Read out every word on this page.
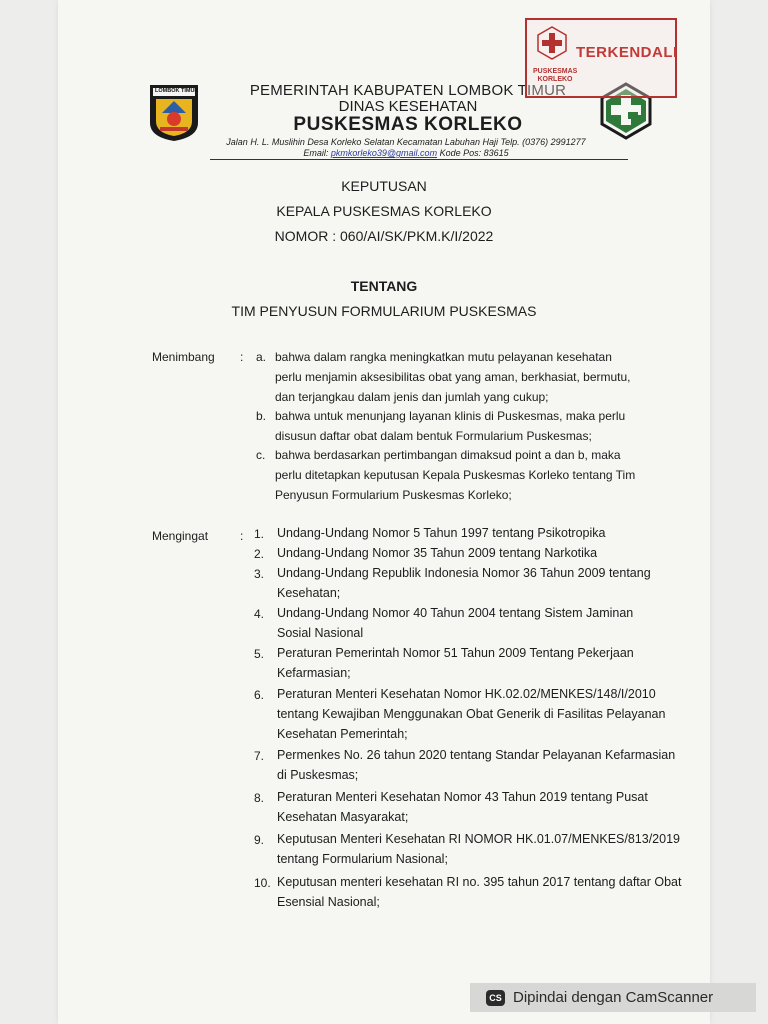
LOMBOK TIMUR	PEMERINTAH KABUPATEN LOMBOK TIMUR
DINAS KESEHATAN
PUSKESMAS KORLEKO
Jalan H. L. Muslihin Desa Korleko Selatan Kecamatan Labuhan Haji Telp. (0376) 2991277
Email: pkmkorleko39@gmail.com Kode Pos: 83615
PUSKESMAS
KORLEKO
TERKENDALI
KEPUTUSAN
KEPALA PUSKESMAS KORLEKO
NOMOR : 060/AI/SK/PKM.K/I/2022
TENTANG
TIM PENYUSUN FORMULARIUM PUSKESMAS
Menimbang : a. bahwa dalam rangka meningkatkan mutu pelayanan kesehatan
perlu menjamin aksesibilitas obat yang aman, berkhasiat, bermutu,
dan terjangkau dalam jenis dan jumlah yang cukup;
b. bahwa untuk menunjang layanan klinis di Puskesmas, maka perlu
disusun daftar obat dalam bentuk Formularium Puskesmas;
c. bahwa berdasarkan pertimbangan dimaksud point a dan b, maka
perlu ditetapkan keputusan Kepala Puskesmas Korleko tentang Tim
Penyusun Formularium Puskesmas Korleko;
Mengingat	: 1. Undang-Undang Nomor 5 Tahun 1997 tentang Psikotropika
2. Undang-Undang Nomor 35 Tahun 2009 tentang Narkotika
3. Undang-Undang Republik Indonesia Nomor 36 Tahun 2009 tentang
Kesehatan;
4. Undang-Undang Nomor 40 Tahun 2004 tentang Sistem Jaminan
Sosial Nasional
5. Peraturan Pemerintah Nomor 51 Tahun 2009 Tentang Pekerjaan
Kefarmasian;
6. Peraturan Menteri Kesehatan Nomor HK.02.02/MENKES/148/I/2010
tentang Kewajiban Menggunakan Obat Generik di Fasilitas Pelayanan
Kesehatan Pemerintah;
7. Permenkes No. 26 tahun 2020 tentang Standar Pelayanan Kefarmasian
di Puskesmas;
8. Peraturan Menteri Kesehatan Nomor 43 Tahun 2019 tentang Pusat
Kesehatan Masyarakat;
9. Keputusan Menteri Kesehatan RI NOMOR HK.01.07/MENKES/813/2019
tentang Formularium Nasional;
10. Keputusan menteri kesehatan RI no. 395 tahun 2017 tentang daftar Obat
Esensial Nasional;
CS Dipindai dengan CamScanner
